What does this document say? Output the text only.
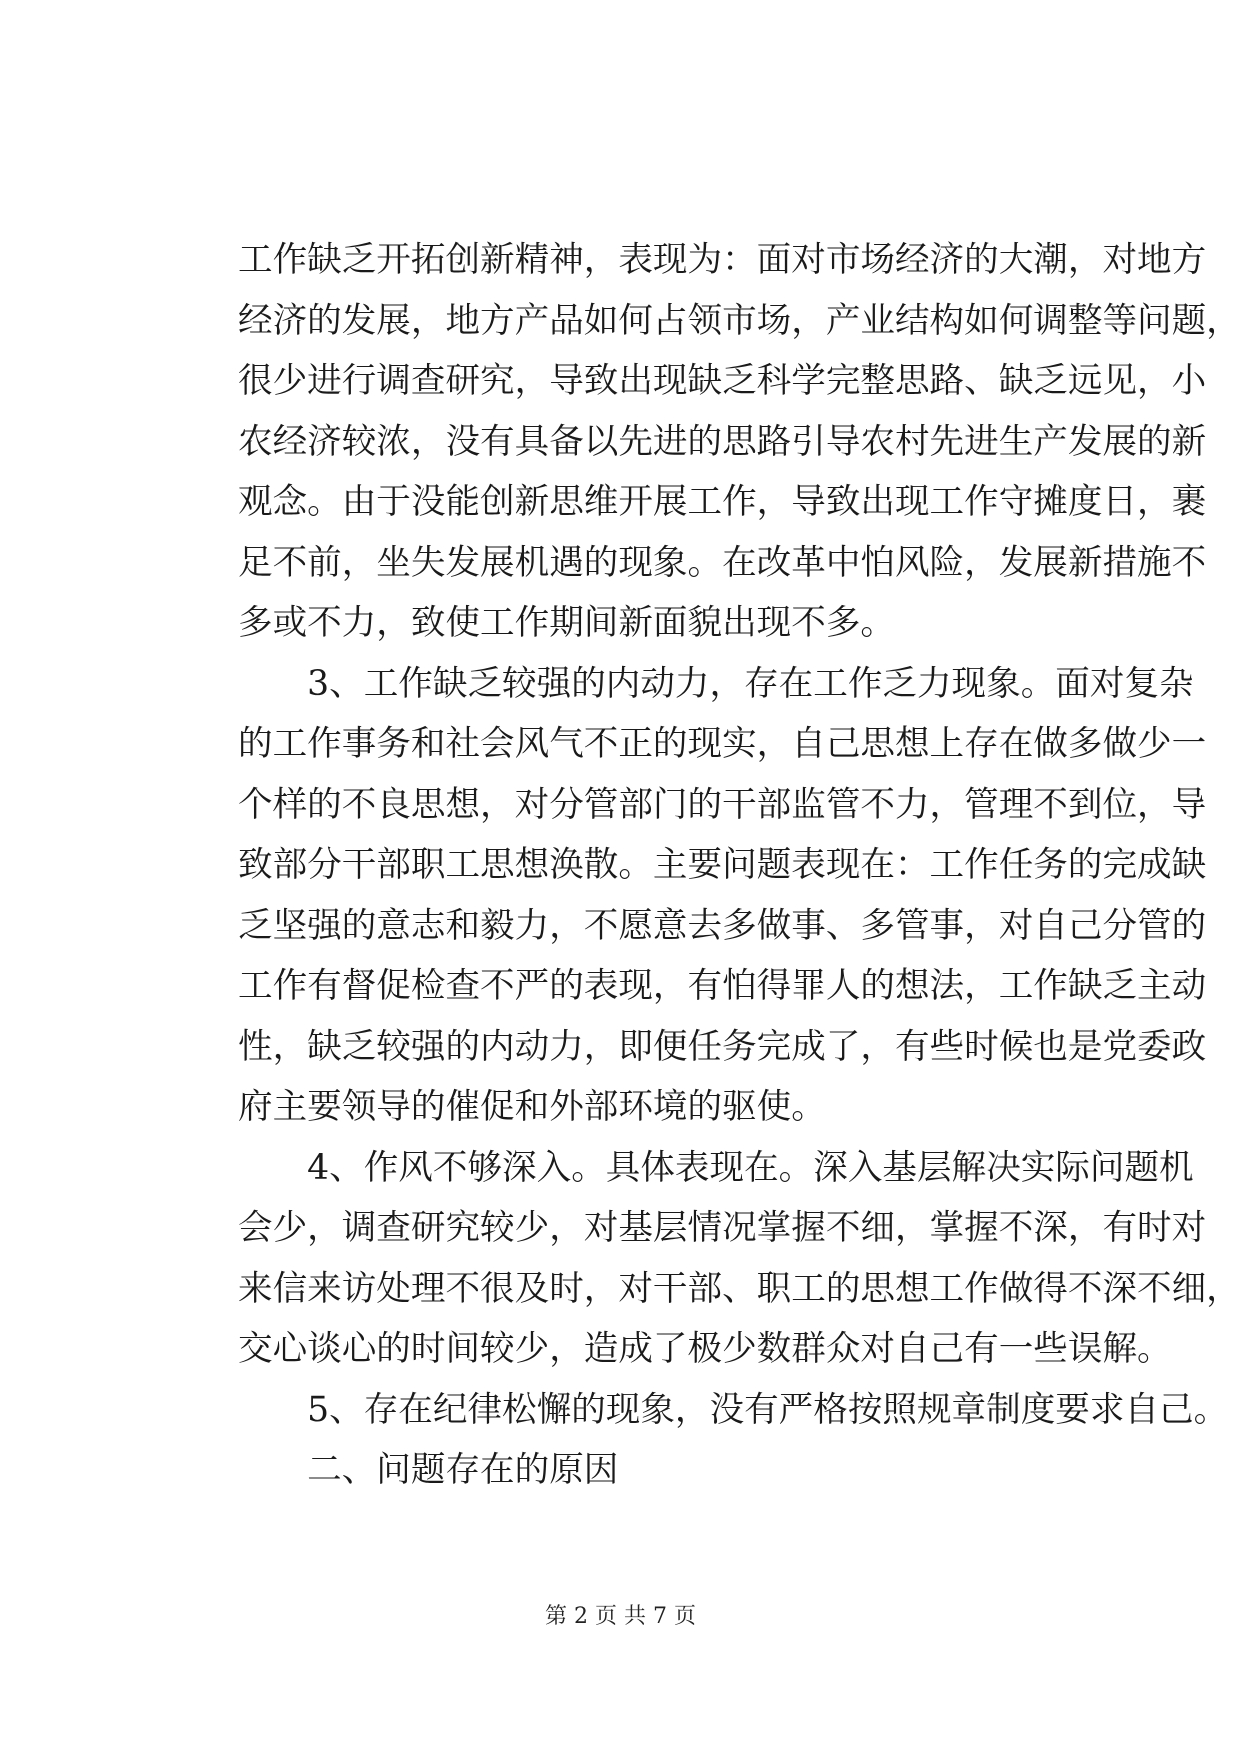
工作缺乏开拓创新精神，表现为：面对市场经济的大潮，对地方
经济的发展，地方产品如何占领市场，产业结构如何调整等问题，
很少进行调查研究，导致出现缺乏科学完整思路、缺乏远见，小
农经济较浓，没有具备以先进的思路引导农村先进生产发展的新
观念。由于没能创新思维开展工作，导致出现工作守摊度日，裹
足不前，坐失发展机遇的现象。在改革中怕风险，发展新措施不
多或不力，致使工作期间新面貌出现不多。
　　3、工作缺乏较强的内动力，存在工作乏力现象。面对复杂
的工作事务和社会风气不正的现实，自己思想上存在做多做少一
个样的不良思想，对分管部门的干部监管不力，管理不到位，导
致部分干部职工思想涣散。主要问题表现在：工作任务的完成缺
乏坚强的意志和毅力，不愿意去多做事、多管事，对自己分管的
工作有督促检查不严的表现，有怕得罪人的想法，工作缺乏主动
性，缺乏较强的内动力，即便任务完成了，有些时候也是党委政
府主要领导的催促和外部环境的驱使。
　　4、作风不够深入。具体表现在。深入基层解决实际问题机
会少，调查研究较少，对基层情况掌握不细，掌握不深，有时对
来信来访处理不很及时，对干部、职工的思想工作做得不深不细，
交心谈心的时间较少，造成了极少数群众对自己有一些误解。
　　5、存在纪律松懈的现象，没有严格按照规章制度要求自己。
　　二、问题存在的原因
第 2 页 共 7 页
